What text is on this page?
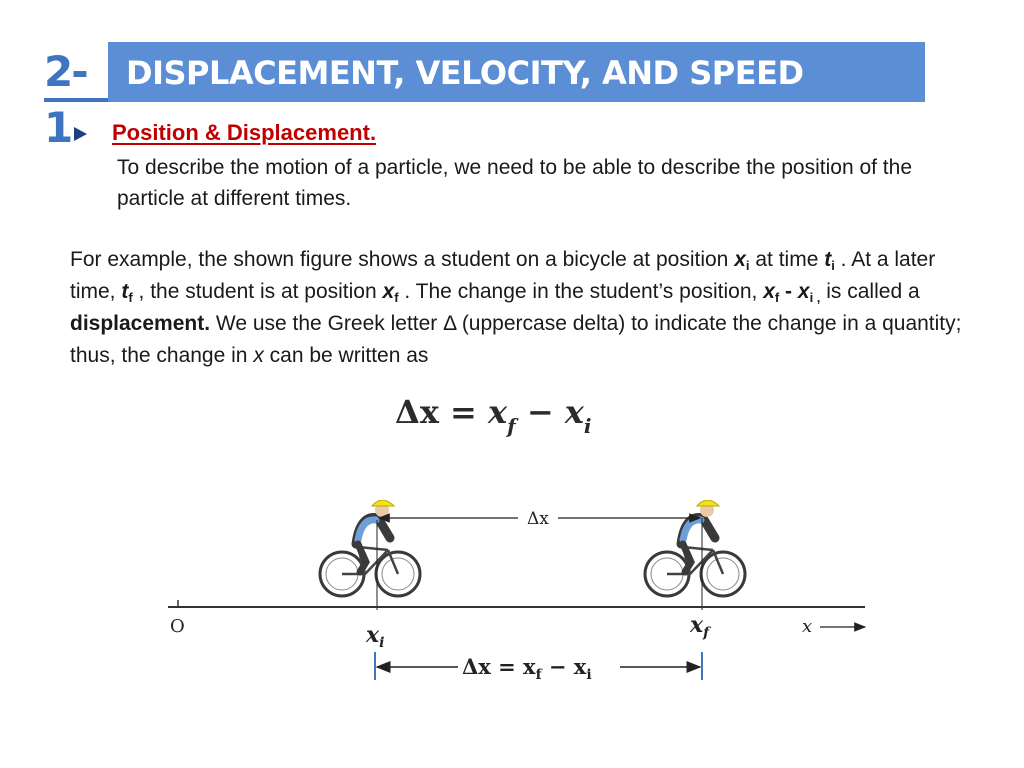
2-1
DISPLACEMENT, VELOCITY, AND SPEED
Position & Displacement.
To describe the motion of a particle, we need to be able to describe the position of the particle at different times.
For example, the shown figure shows a student on a bicycle at position $x_i$ at time $t_i$ . At a later time, $t_f$ , the student is at position $x_f$ . The change in the student’s position, $x_f - x_{i ,}$ is called a displacement. We use the Greek letter Δ (uppercase delta) to indicate the change in a quantity; thus, the change in x can be written as
$\Delta x = x_f - x_i$
Δx
O	$x_i$
$x_f$	x
$\Delta x = x_f - x_i$
